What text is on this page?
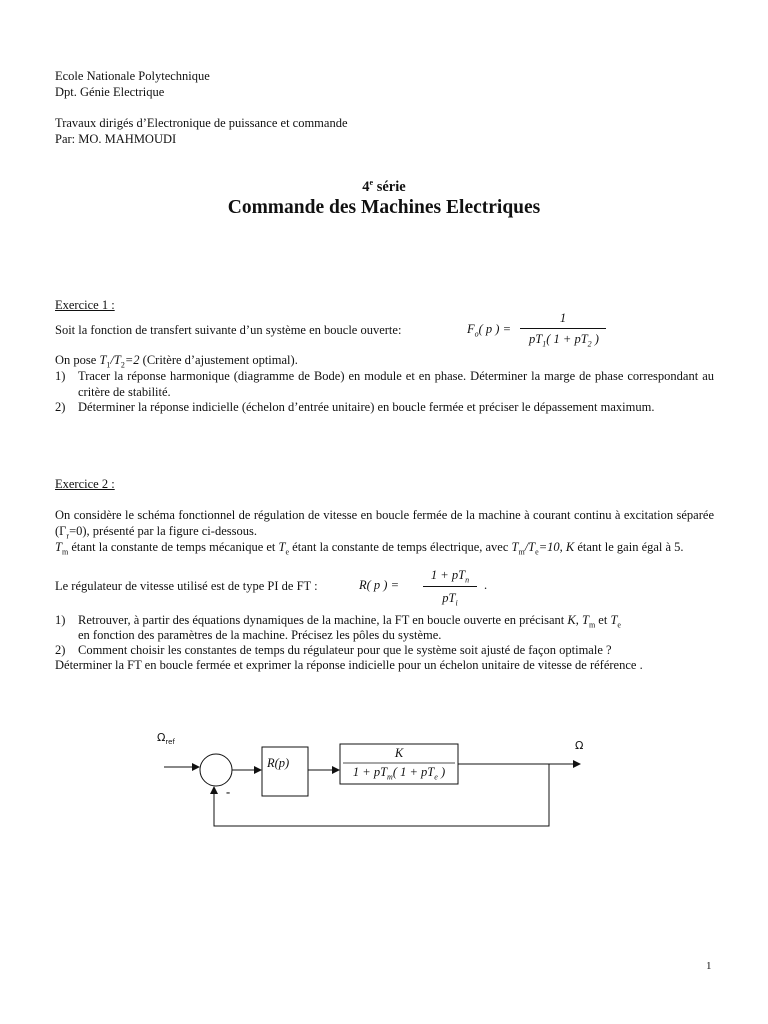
Ecole Nationale Polytechnique
Dpt. Génie Electrique
Travaux dirigés d’Electronique de puissance et commande
Par: MO. MAHMOUDI
4e série
Commande des Machines Electriques
Exercice 1 :
Soit la fonction de transfert suivante d’un système en boucle ouverte:	$F_o$( p ) =
1
$pT_1$( $1 + pT_2$ )
On pose $T_1/T_2=2$ (Critère d’ajustement optimal).
1) Tracer la réponse harmonique (diagramme de Bode) en module et en phase. Déterminer la marge de phase correspondant au critère de stabilité.
2) Déterminer la réponse indicielle (échelon d’entrée unitaire) en boucle fermée et préciser le dépassement maximum.
Exercice 2 :
On considère le schéma fonctionnel de régulation de vitesse en boucle fermée de la machine à courant continu à excitation séparée $(\Gamma_r=0)$, présenté par la figure ci-dessous.
$T_m$ étant la constante de temps mécanique et $T_e$ étant la constante de temps électrique, avec $T_m/T_e=10$, K étant le gain égal à 5.
Le régulateur de vitesse utilisé est de type PI de FT :	R( p ) =
$1 + pT_n$
$pT_i$
.
1) Retrouver, à partir des équations dynamiques de la machine, la FT en boucle ouverte en précisant K, $T_m$ et $T_e$
en fonction des paramètres de la machine. Précisez les pôles du système.
2) Comment choisir les constantes de temps du régulateur pour que le système soit ajusté de façon optimale ?
Déterminer la FT en boucle fermée et exprimer la réponse indicielle pour un échelon unitaire de vitesse de référence .
$\Omega_{ref}$	Ω
-
R(p)
K
$1 + pT_m$( $1 + pT_e$ )
1
